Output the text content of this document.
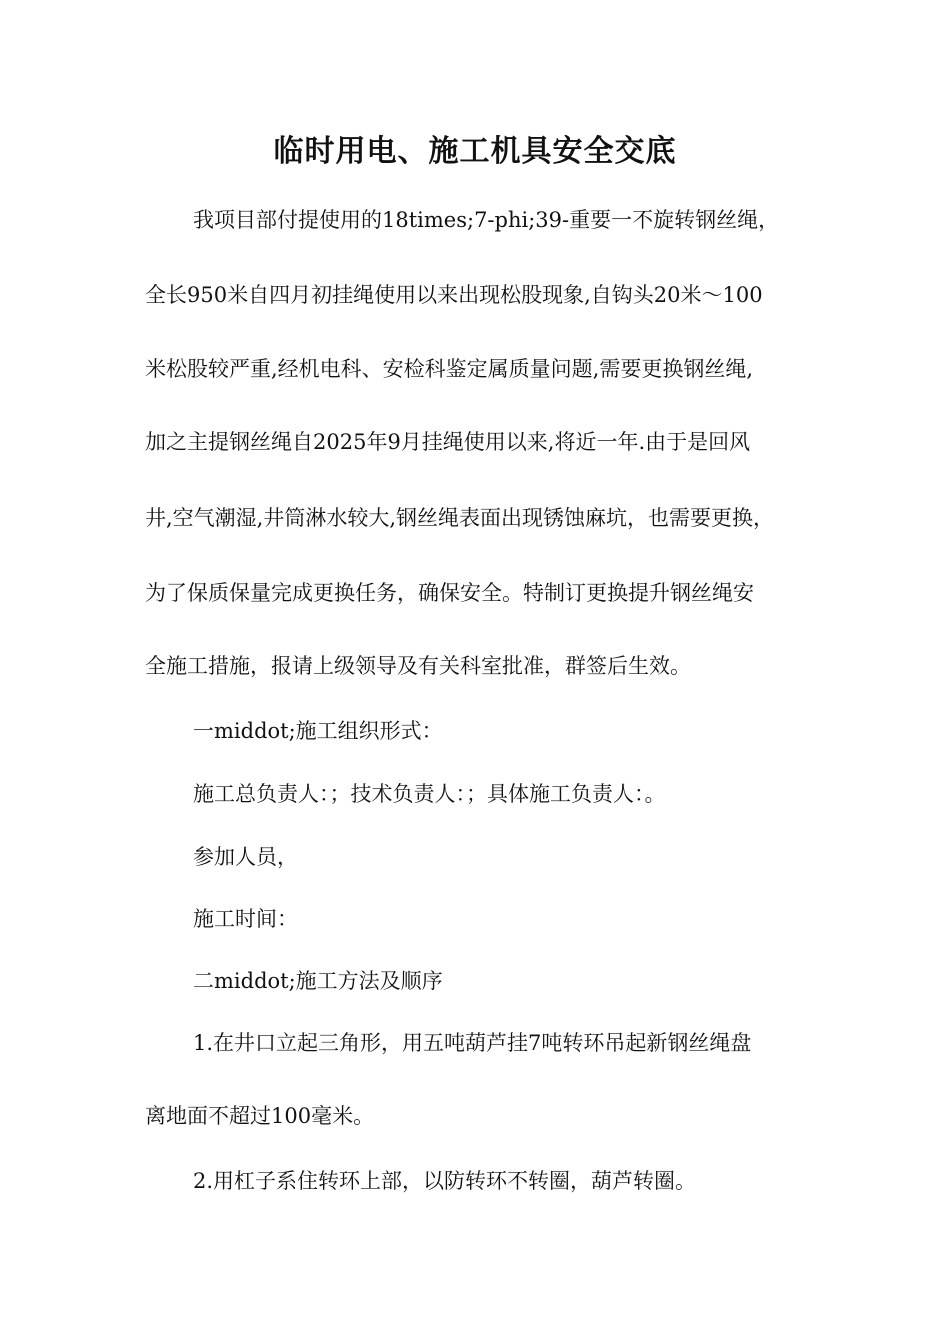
临时用电、施工机具安全交底
我项目部付提使用的18times;7-phi;39-重要一不旋转钢丝绳，
全长950米自四月初挂绳使用以来出现松股现象,自钩头20米～100
米松股较严重,经机电科、安检科鉴定属质量问题,需要更换钢丝绳,
加之主提钢丝绳自2025年9月挂绳使用以来,将近一年.由于是回风
井,空气潮湿,井筒淋水较大,钢丝绳表面出现锈蚀麻坑，也需要更换，
为了保质保量完成更换任务，确保安全。特制订更换提升钢丝绳安
全施工措施，报请上级领导及有关科室批准，群签后生效。
一middot;施工组织形式：
施工总负责人：；技术负责人：；具体施工负责人：。
参加人员，
施工时间：
二middot;施工方法及顺序
1.在井口立起三角形，用五吨葫芦挂7吨转环吊起新钢丝绳盘
离地面不超过100毫米。
2.用杠子系住转环上部，以防转环不转圈，葫芦转圈。
